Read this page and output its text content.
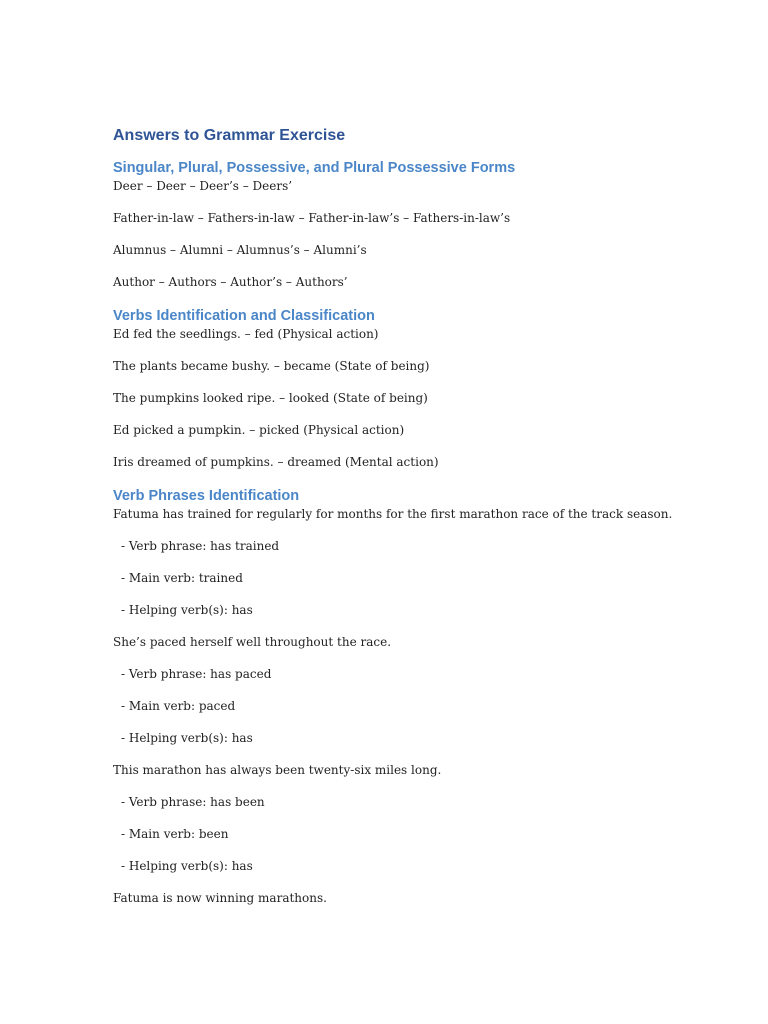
Answers to Grammar Exercise
Singular, Plural, Possessive, and Plural Possessive Forms

Deer – Deer – Deer’s – Deers’

Father-in-law – Fathers-in-law – Father-in-law’s – Fathers-in-law’s

Alumnus – Alumni – Alumnus’s – Alumni’s

Author – Authors – Author’s – Authors’

Verbs Identification and Classification

Ed fed the seedlings. – fed (Physical action)

The plants became bushy. – became (State of being)

The pumpkins looked ripe. – looked (State of being)

Ed picked a pumpkin. – picked (Physical action)

Iris dreamed of pumpkins. – dreamed (Mental action)

Verb Phrases Identification

Fatuma has trained for regularly for months for the first marathon race of the track season.

- Verb phrase: has trained

- Main verb: trained

- Helping verb(s): has

She’s paced herself well throughout the race.

- Verb phrase: has paced

- Main verb: paced

- Helping verb(s): has

This marathon has always been twenty-six miles long.

- Verb phrase: has been

- Main verb: been

- Helping verb(s): has

Fatuma is now winning marathons.
